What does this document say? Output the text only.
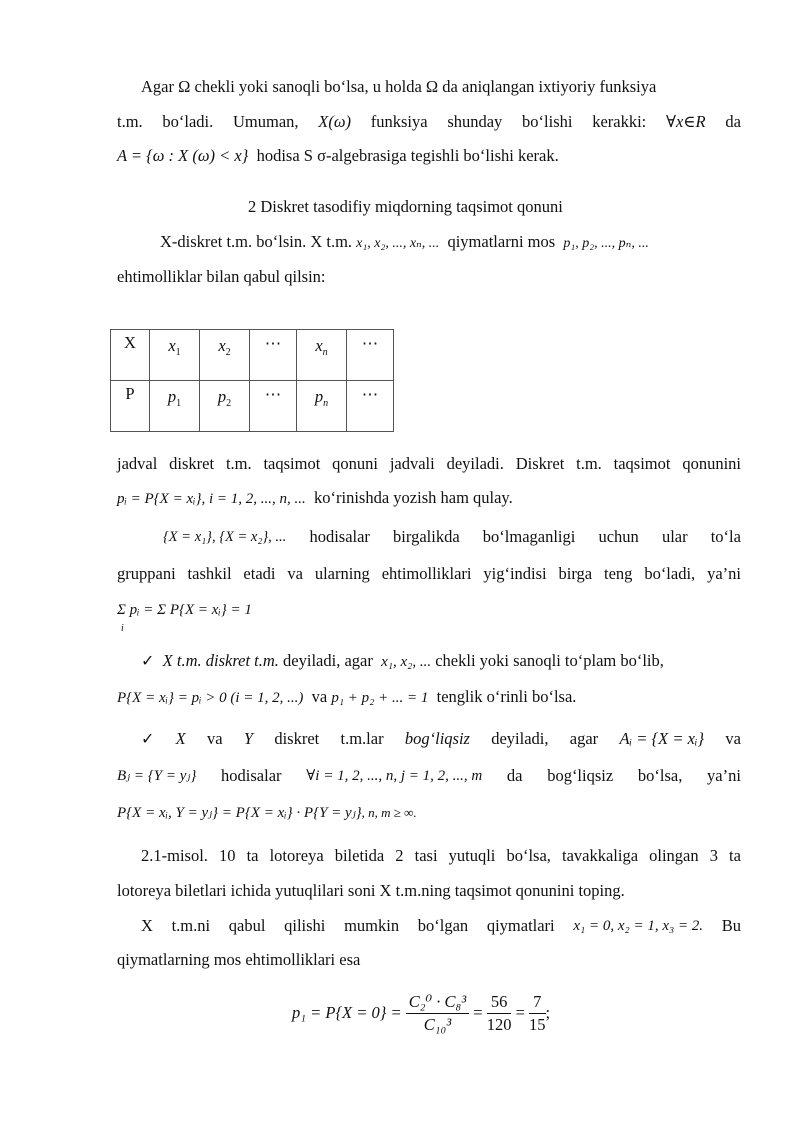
Agar Ω chekli yoki sanoqli bo‘lsa, u holda Ω da aniqlangan ixtiyoriy funksiya
t.m. bo‘ladi. Umuman, X(ω) funksiya shunday bo‘lishi kerakki: ∀x∈R da
A = {ω : X (ω) < x} hodisa S σ-algebrasiga tegishli bo‘lishi kerak.
2 Diskret tasodifiy miqdorning taqsimot qonuni
X-diskret t.m. bo‘lsin. X t.m. x₁, x₂, ..., xₙ, ... qiymatlarni mos p₁, p₂, ..., pₙ, ...
ehtimolliklar bilan qabul qilsin:
X	$x_1$	$x_2$	⋯	$x_n$	⋯
P	$p_1$	$p_2$	⋯	$p_n$	⋯
jadval diskret t.m. taqsimot qonuni jadvali deyiladi. Diskret t.m. taqsimot qonunini
pᵢ = P{X = xᵢ}, i = 1, 2, ..., n, ... ko‘rinishda yozish ham qulay.
{X = x₁}, {X = x₂}, ... hodisalar birgalikda bo‘lmaganligi uchun ular to‘la
gruppani tashkil etadi va ularning ehtimolliklari yig‘indisi birga teng bo‘ladi, ya’ni
Σ pᵢ = Σ P{X = xᵢ} = 1
i
✓ X t.m. diskret t.m. deyiladi, agar x₁, x₂, ... chekli yoki sanoqli to‘plam bo‘lib,
P{X = xᵢ} = pᵢ > 0 (i = 1, 2, ...) va p₁ + p₂ + ... = 1 tenglik o‘rinli bo‘lsa.
✓ X va Y diskret t.m.lar bog‘liqsiz deyiladi, agar Aᵢ = {X = xᵢ} va
Bⱼ = {Y = yⱼ} hodisalar ∀i = 1, 2, ..., n, j = 1, 2, ..., m da bog‘liqsiz bo‘lsa, ya’ni
P{X = xᵢ, Y = yⱼ} = P{X = xᵢ} · P{Y = yⱼ}, n, m ≥ ∞.
2.1-misol. 10 ta lotoreya biletida 2 tasi yutuqli bo‘lsa, tavakkaliga olingan 3 ta
lotoreya biletlari ichida yutuqlilari soni X t.m.ning taqsimot qonunini toping.
X t.m.ni qabul qilishi mumkin bo‘lgan qiymatlari x₁ = 0, x₂ = 1, x₃ = 2. Bu
qiymatlarning mos ehtimolliklari esa
p₁ = P{X = 0} =
$\frac{\text{C₂⁰ · C₈³}}{\text{C₁₀³}} = \frac{56}{120} = \frac{7}{15}$ ;
